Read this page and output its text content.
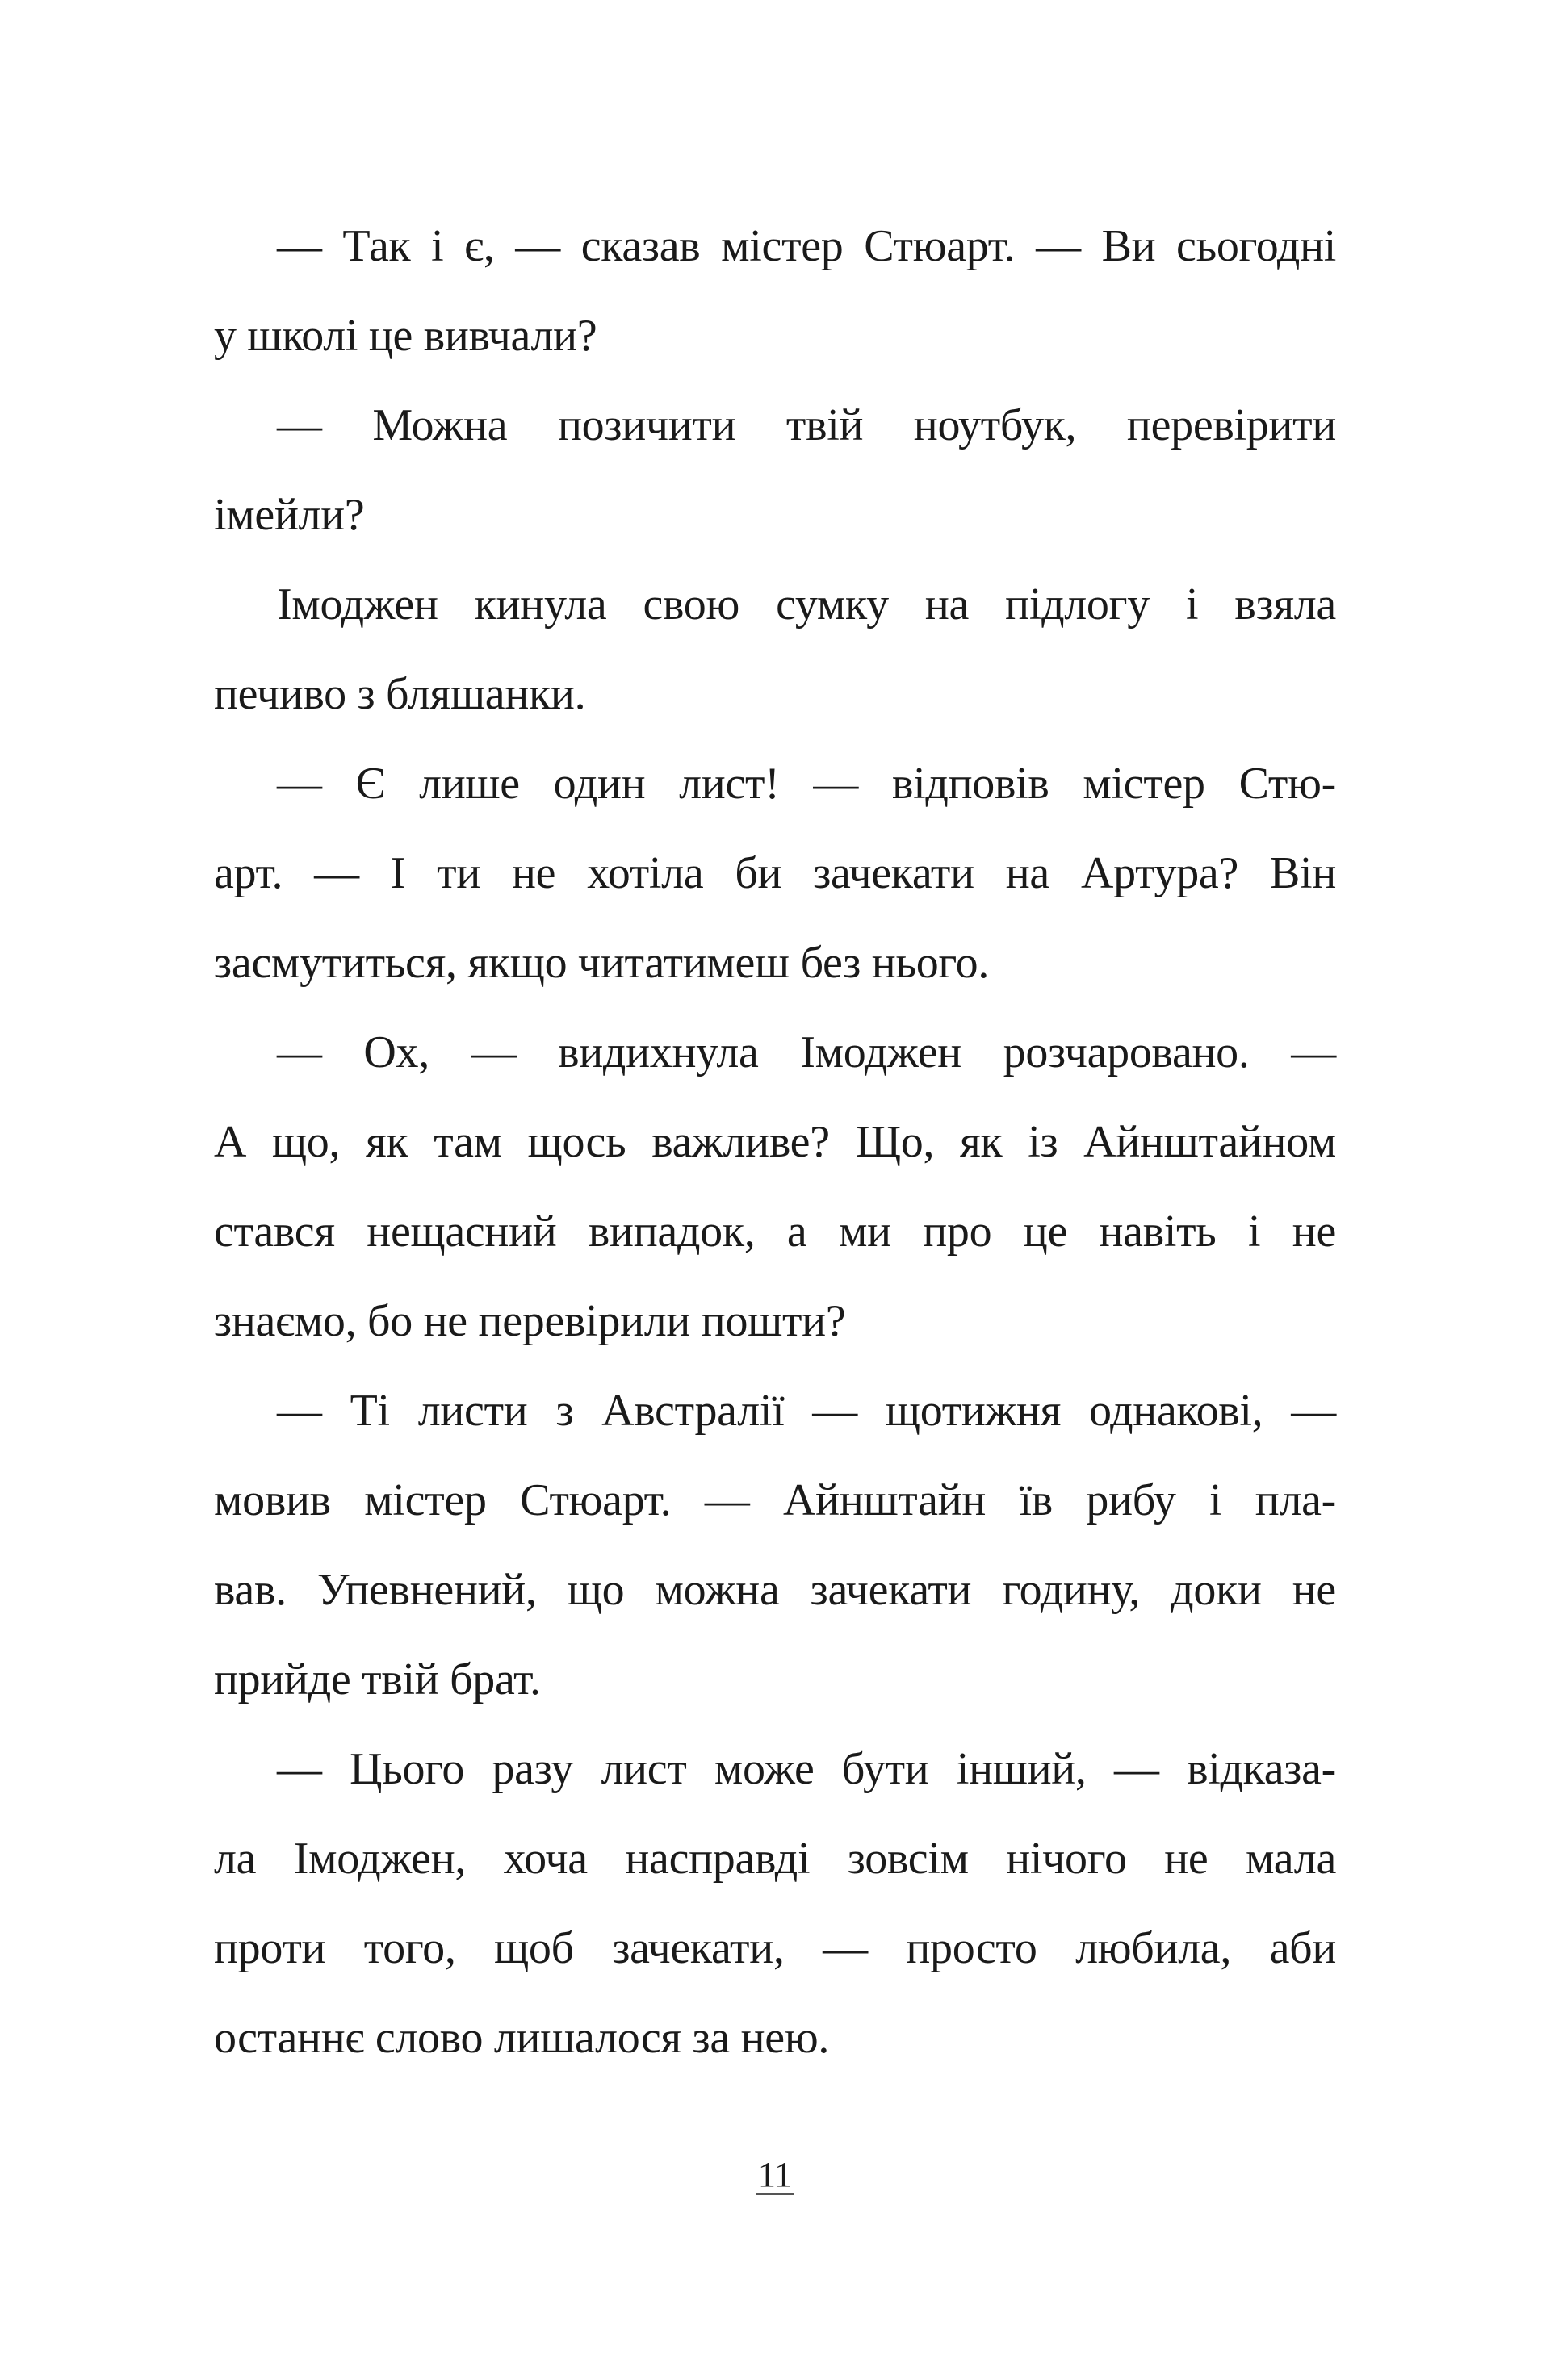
— Так і є, — сказав містер Стюарт. — Ви сьогодні
у школі це вивчали?
— Можна позичити твій ноутбук, перевірити
імейли?
Імоджен кинула свою сумку на підлогу і взяла
печиво з бляшанки.
— Є лише один лист! — відповів містер Стю-
арт. — І ти не хотіла би зачекати на Артура? Він
засмутиться, якщо читатимеш без нього.
— Ох, — видихнула Імоджен розчаровано. —
А що, як там щось важливе? Що, як із Айнштайном
стався нещасний випадок, а ми про це навіть і не
знаємо, бо не перевірили пошти?
— Ті листи з Австралії — щотижня однакові, —
мовив містер Стюарт. — Айнштайн їв рибу і пла-
вав. Упевнений, що можна зачекати годину, доки не
прийде твій брат.
— Цього разу лист може бути інший, — відказа-
ла Імоджен, хоча насправді зовсім нічого не мала
проти того, щоб зачекати, — просто любила, аби
останнє слово лишалося за нею.
11
